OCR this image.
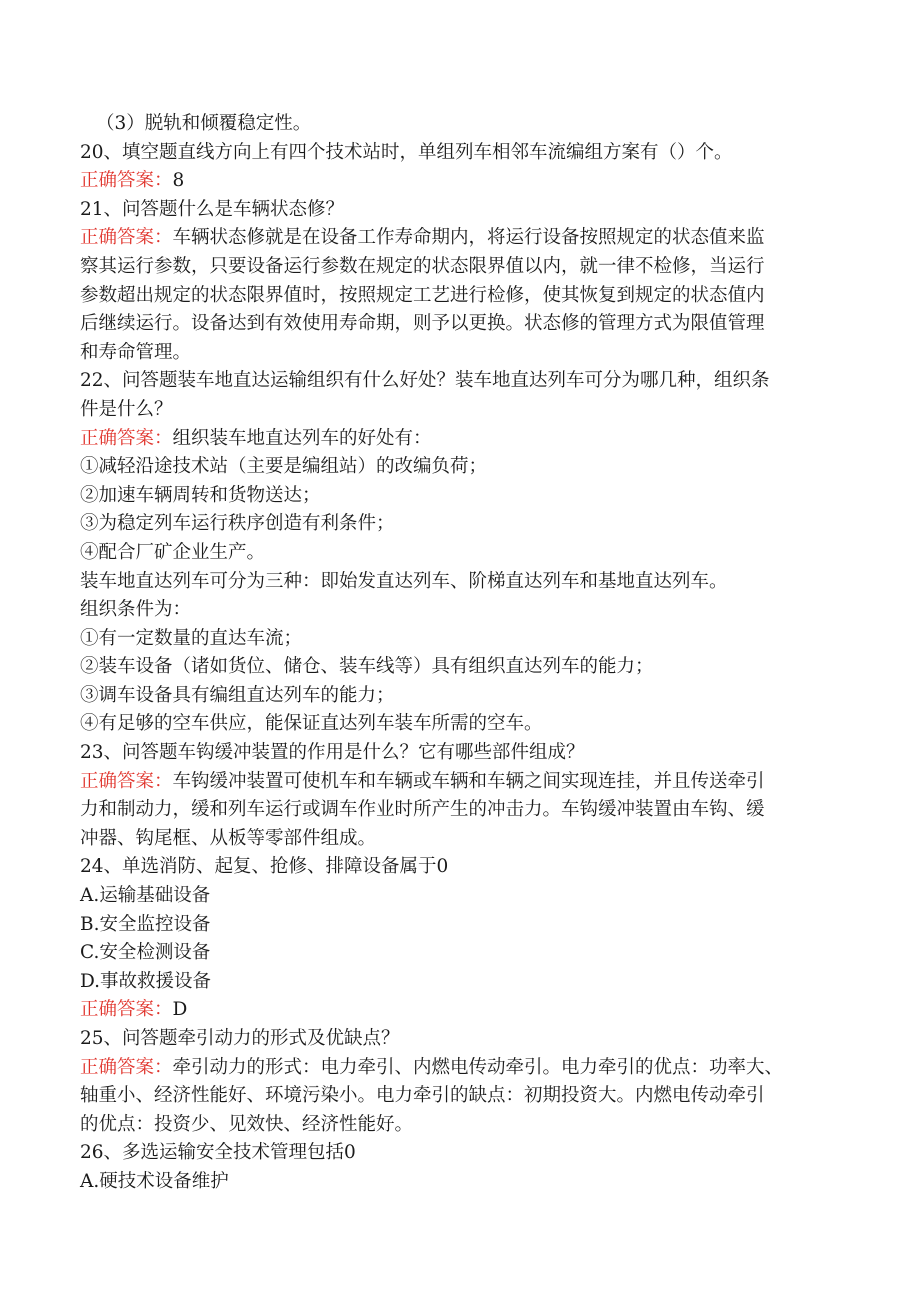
（3）脱轨和倾覆稳定性。
20、填空题直线方向上有四个技术站时，单组列车相邻车流编组方案有（）个。
正确答案：8
21、问答题什么是车辆状态修？
正确答案：车辆状态修就是在设备工作寿命期内，将运行设备按照规定的状态值来监
察其运行参数，只要设备运行参数在规定的状态限界值以内，就一律不检修，当运行
参数超出规定的状态限界值时，按照规定工艺进行检修，使其恢复到规定的状态值内
后继续运行。设备达到有效使用寿命期，则予以更换。状态修的管理方式为限值管理
和寿命管理。
22、问答题装车地直达运输组织有什么好处？装车地直达列车可分为哪几种，组织条
件是什么？
正确答案：组织装车地直达列车的好处有：
①减轻沿途技术站（主要是编组站）的改编负荷；
②加速车辆周转和货物送达；
③为稳定列车运行秩序创造有利条件；
④配合厂矿企业生产。
装车地直达列车可分为三种：即始发直达列车、阶梯直达列车和基地直达列车。
组织条件为：
①有一定数量的直达车流；
②装车设备（诸如货位、储仓、装车线等）具有组织直达列车的能力；
③调车设备具有编组直达列车的能力；
④有足够的空车供应，能保证直达列车装车所需的空车。
23、问答题车钩缓冲装置的作用是什么？它有哪些部件组成？
正确答案：车钩缓冲装置可使机车和车辆或车辆和车辆之间实现连挂，并且传送牵引
力和制动力，缓和列车运行或调车作业时所产生的冲击力。车钩缓冲装置由车钩、缓
冲器、钩尾框、从板等零部件组成。
24、单选消防、起复、抢修、排障设备属于0
A.运输基础设备
B.安全监控设备
C.安全检测设备
D.事故救援设备
正确答案：D
25、问答题牵引动力的形式及优缺点？
正确答案：牵引动力的形式：电力牵引、内燃电传动牵引。电力牵引的优点：功率大、
轴重小、经济性能好、环境污染小。电力牵引的缺点：初期投资大。内燃电传动牵引
的优点：投资少、见效快、经济性能好。
26、多选运输安全技术管理包括0
A.硬技术设备维护
